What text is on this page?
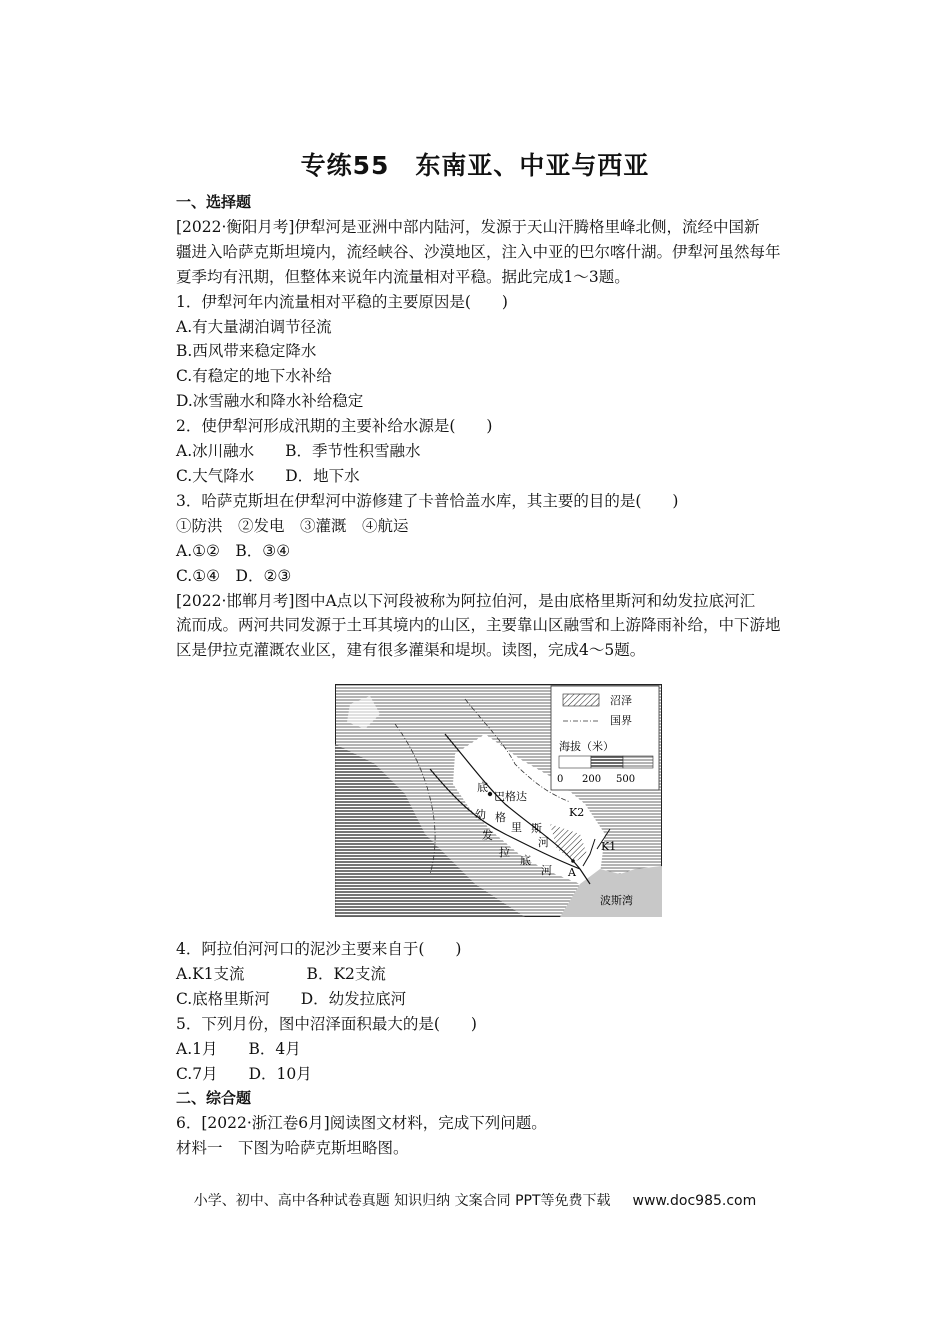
专练55　东南亚、中亚与西亚
一、选择题
[2022·衡阳月考]伊犁河是亚洲中部内陆河，发源于天山汗腾格里峰北侧，流经中国新
疆进入哈萨克斯坦境内，流经峡谷、沙漠地区，注入中亚的巴尔喀什湖。伊犁河虽然每年
夏季均有汛期，但整体来说年内流量相对平稳。据此完成1～3题。
1．伊犁河年内流量相对平稳的主要原因是(　　)
A.有大量湖泊调节径流
B.西风带来稳定降水
C.有稳定的地下水补给
D.冰雪融水和降水补给稳定
2．使伊犁河形成汛期的主要补给水源是(　　)
A.冰川融水　　B．季节性积雪融水
C.大气降水　　D．地下水
3．哈萨克斯坦在伊犁河中游修建了卡普恰盖水库，其主要的目的是(　　)
①防洪　②发电　③灌溉　④航运
A.①②　B．③④
C.①④　D．②③
[2022·邯郸月考]图中A点以下河段被称为阿拉伯河，是由底格里斯河和幼发拉底河汇
流而成。两河共同发源于土耳其境内的山区，主要靠山区融雪和上游降雨补给，中下游地
区是伊拉克灌溉农业区，建有很多灌渠和堤坝。读图，完成4～5题。
沼泽
国界
海拔（米）
0 200 500
底
巴格达
幼 格
发
里 斯
拉
河
底
河 A
K2
K1
波斯湾
4．阿拉伯河河口的泥沙主要来自于(　　)
A.K1支流　　　　B．K2支流
C.底格里斯河　　D．幼发拉底河
5．下列月份，图中沼泽面积最大的是(　　)
A.1月　　B．4月
C.7月　　D．10月
二、综合题
6．[2022·浙江卷6月]阅读图文材料，完成下列问题。
材料一　下图为哈萨克斯坦略图。
小学、初中、高中各种试卷真题 知识归纳 文案合同 PPT等免费下载 www.doc985.com
